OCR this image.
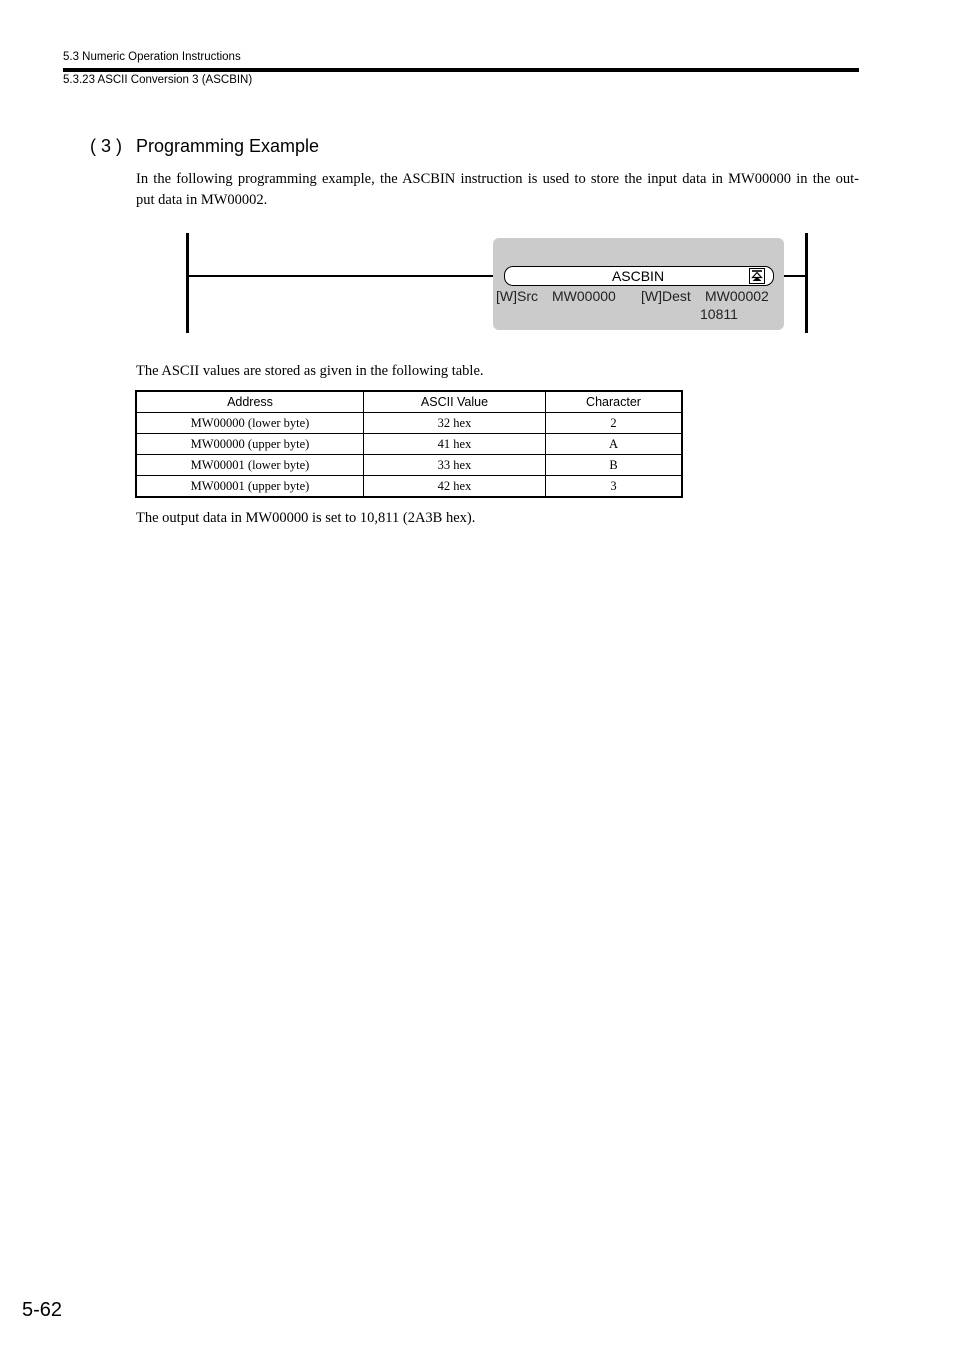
5.3 Numeric Operation Instructions
5.3.23 ASCII Conversion 3 (ASCBIN)
( 3 ) Programming Example
In the following programming example, the ASCBIN instruction is used to store the input data in MW00000 in the out-
put data in MW00002.
ASCBIN
[W]Src MW00000 [W]Dest MW00002
10811
The ASCII values are stored as given in the following table.
Address	ASCII Value	Character
MW00000 (lower byte)	32 hex	2
MW00000 (upper byte)	41 hex	A
MW00001 (lower byte)	33 hex	B
MW00001 (upper byte)	42 hex	3
The output data in MW00000 is set to 10,811 (2A3B hex).
5-62
